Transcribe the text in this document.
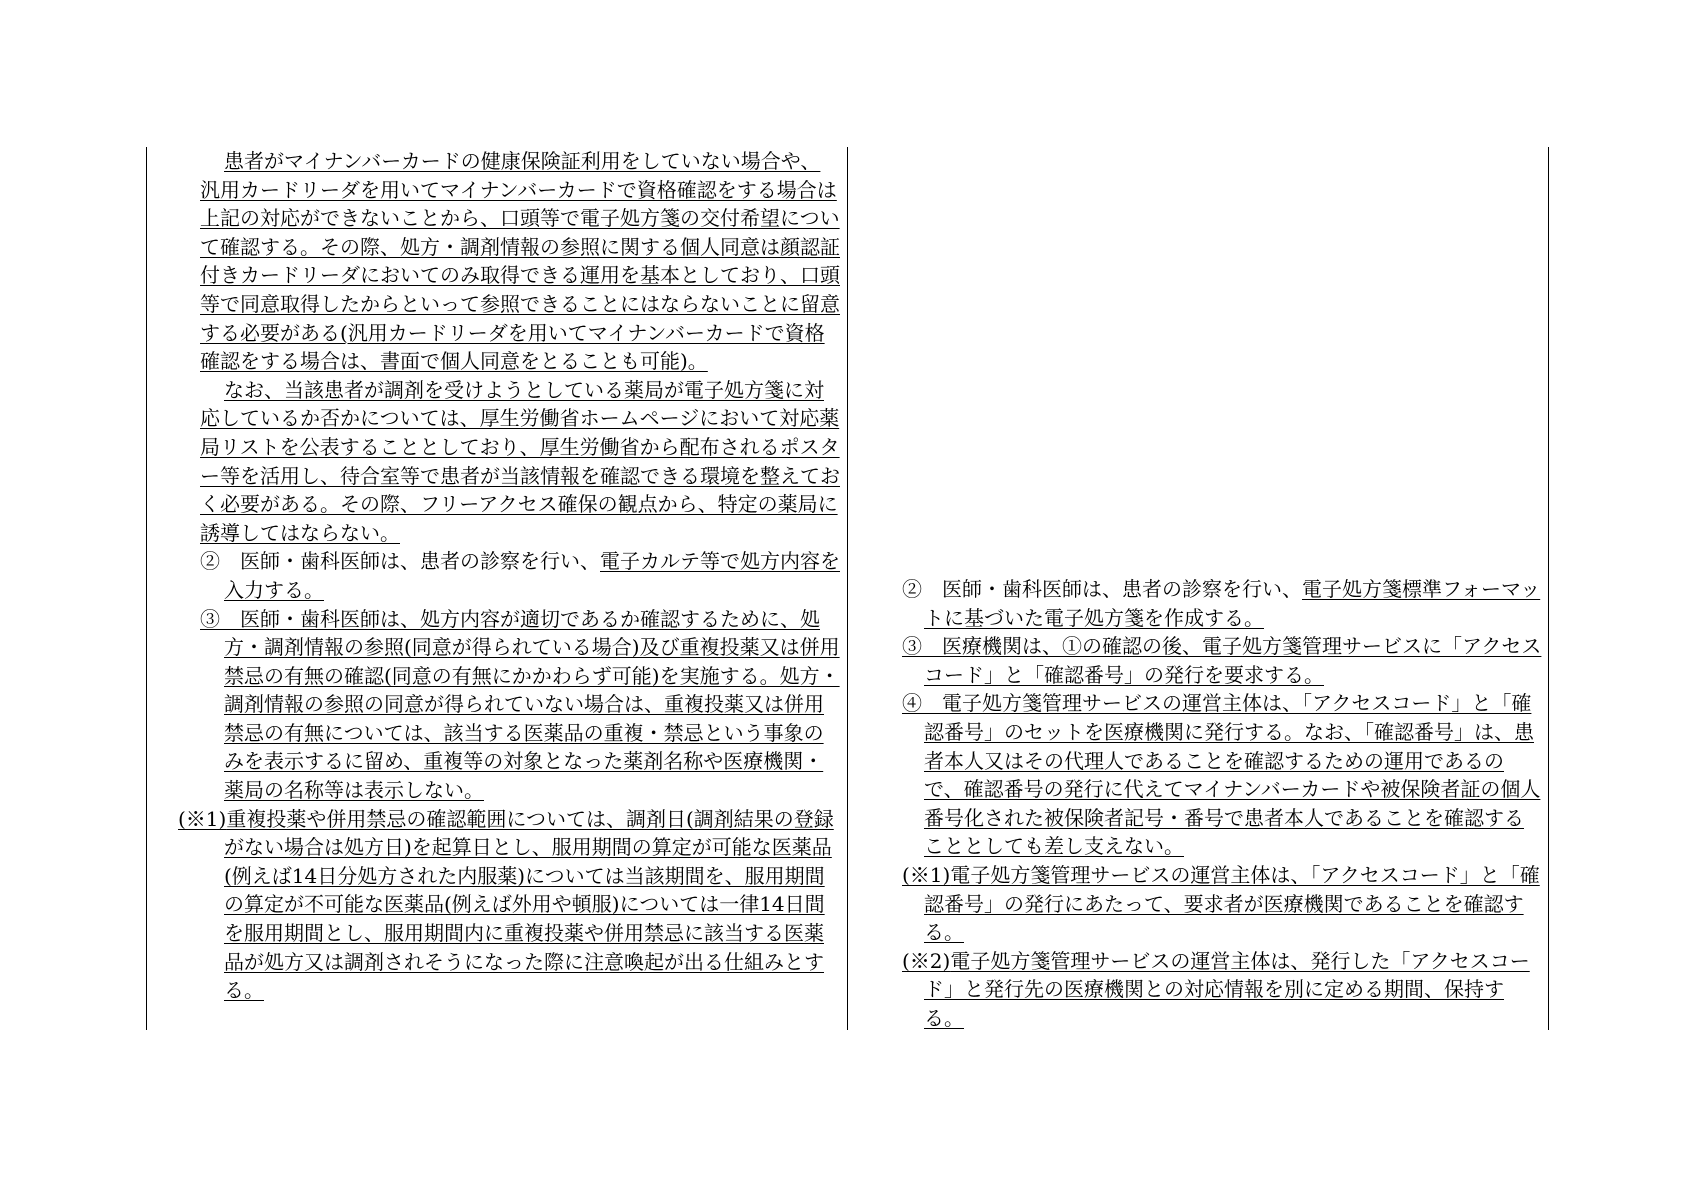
患者がマイナンバーカードの健康保険証利用をしていない場合や、汎用カードリーダを用いてマイナンバーカードで資格確認をする場合は上記の対応ができないことから、口頭等で電子処方箋の交付希望について確認する。その際、処方・調剤情報の参照に関する個人同意は顔認証付きカードリーダにおいてのみ取得できる運用を基本としており、口頭等で同意取得したからといって参照できることにはならないことに留意する必要がある(汎用カードリーダを用いてマイナンバーカードで資格確認をする場合は、書面で個人同意をとることも可能)。

なお、当該患者が調剤を受けようとしている薬局が電子処方箋に対応しているか否かについては、厚生労働省ホームページにおいて対応薬局リストを公表することとしており、厚生労働省から配布されるポスター等を活用し、待合室等で患者が当該情報を確認できる環境を整えておく必要がある。その際、フリーアクセス確保の観点から、特定の薬局に誘導してはならない。

②　 医師・歯科医師は、患者の診察を行い、電子カルテ等で処方内容を入力する。

③　 医師・歯科医師は、処方内容が適切であるか確認するために、処方・調剤情報の参照(同意が得られている場合)及び重複投薬又は併用禁忌の有無の確認(同意の有無にかかわらず可能)を実施する。処方・調剤情報の参照の同意が得られていない場合は、重複投薬又は併用禁忌の有無については、該当する医薬品の重複・禁忌という事象のみを表示するに留め、重複等の対象となった薬剤名称や医療機関・薬局の名称等は表示しない。

(※1)重複投薬や併用禁忌の確認範囲については、調剤日(調剤結果の登録がない場合は処方日)を起算日とし、服用期間の算定が可能な医薬品(例えば14日分処方された内服薬)については当該期間を、服用期間の算定が不可能な医薬品(例えば外用や頓服)については一律14日間を服用期間とし、服用期間内に重複投薬や併用禁忌に該当する医薬品が処方又は調剤されそうになった際に注意喚起が出る仕組みとする。

②　 医師・歯科医師は、患者の診察を行い、電子処方箋標準フォーマットに基づいた電子処方箋を作成する。

③　 医療機関は、①の確認の後、電子処方箋管理サービスに「アクセスコード」と「確認番号」の発行を要求する。

④　 電子処方箋管理サービスの運営主体は、「アクセスコード」と「確認番号」のセットを医療機関に発行する。なお、「確認番号」は、患者本人又はその代理人であることを確認するための運用であるので、確認番号の発行に代えてマイナンバーカードや被保険者証の個人番号化された被保険者記号・番号で患者本人であることを確認することとしても差し支えない。

(※1)電子処方箋管理サービスの運営主体は、「アクセスコード」と「確認番号」の発行にあたって、要求者が医療機関であることを確認する。

(※2)電子処方箋管理サービスの運営主体は、発行した「アクセスコード」と発行先の医療機関との対応情報を別に定める期間、保持する。
